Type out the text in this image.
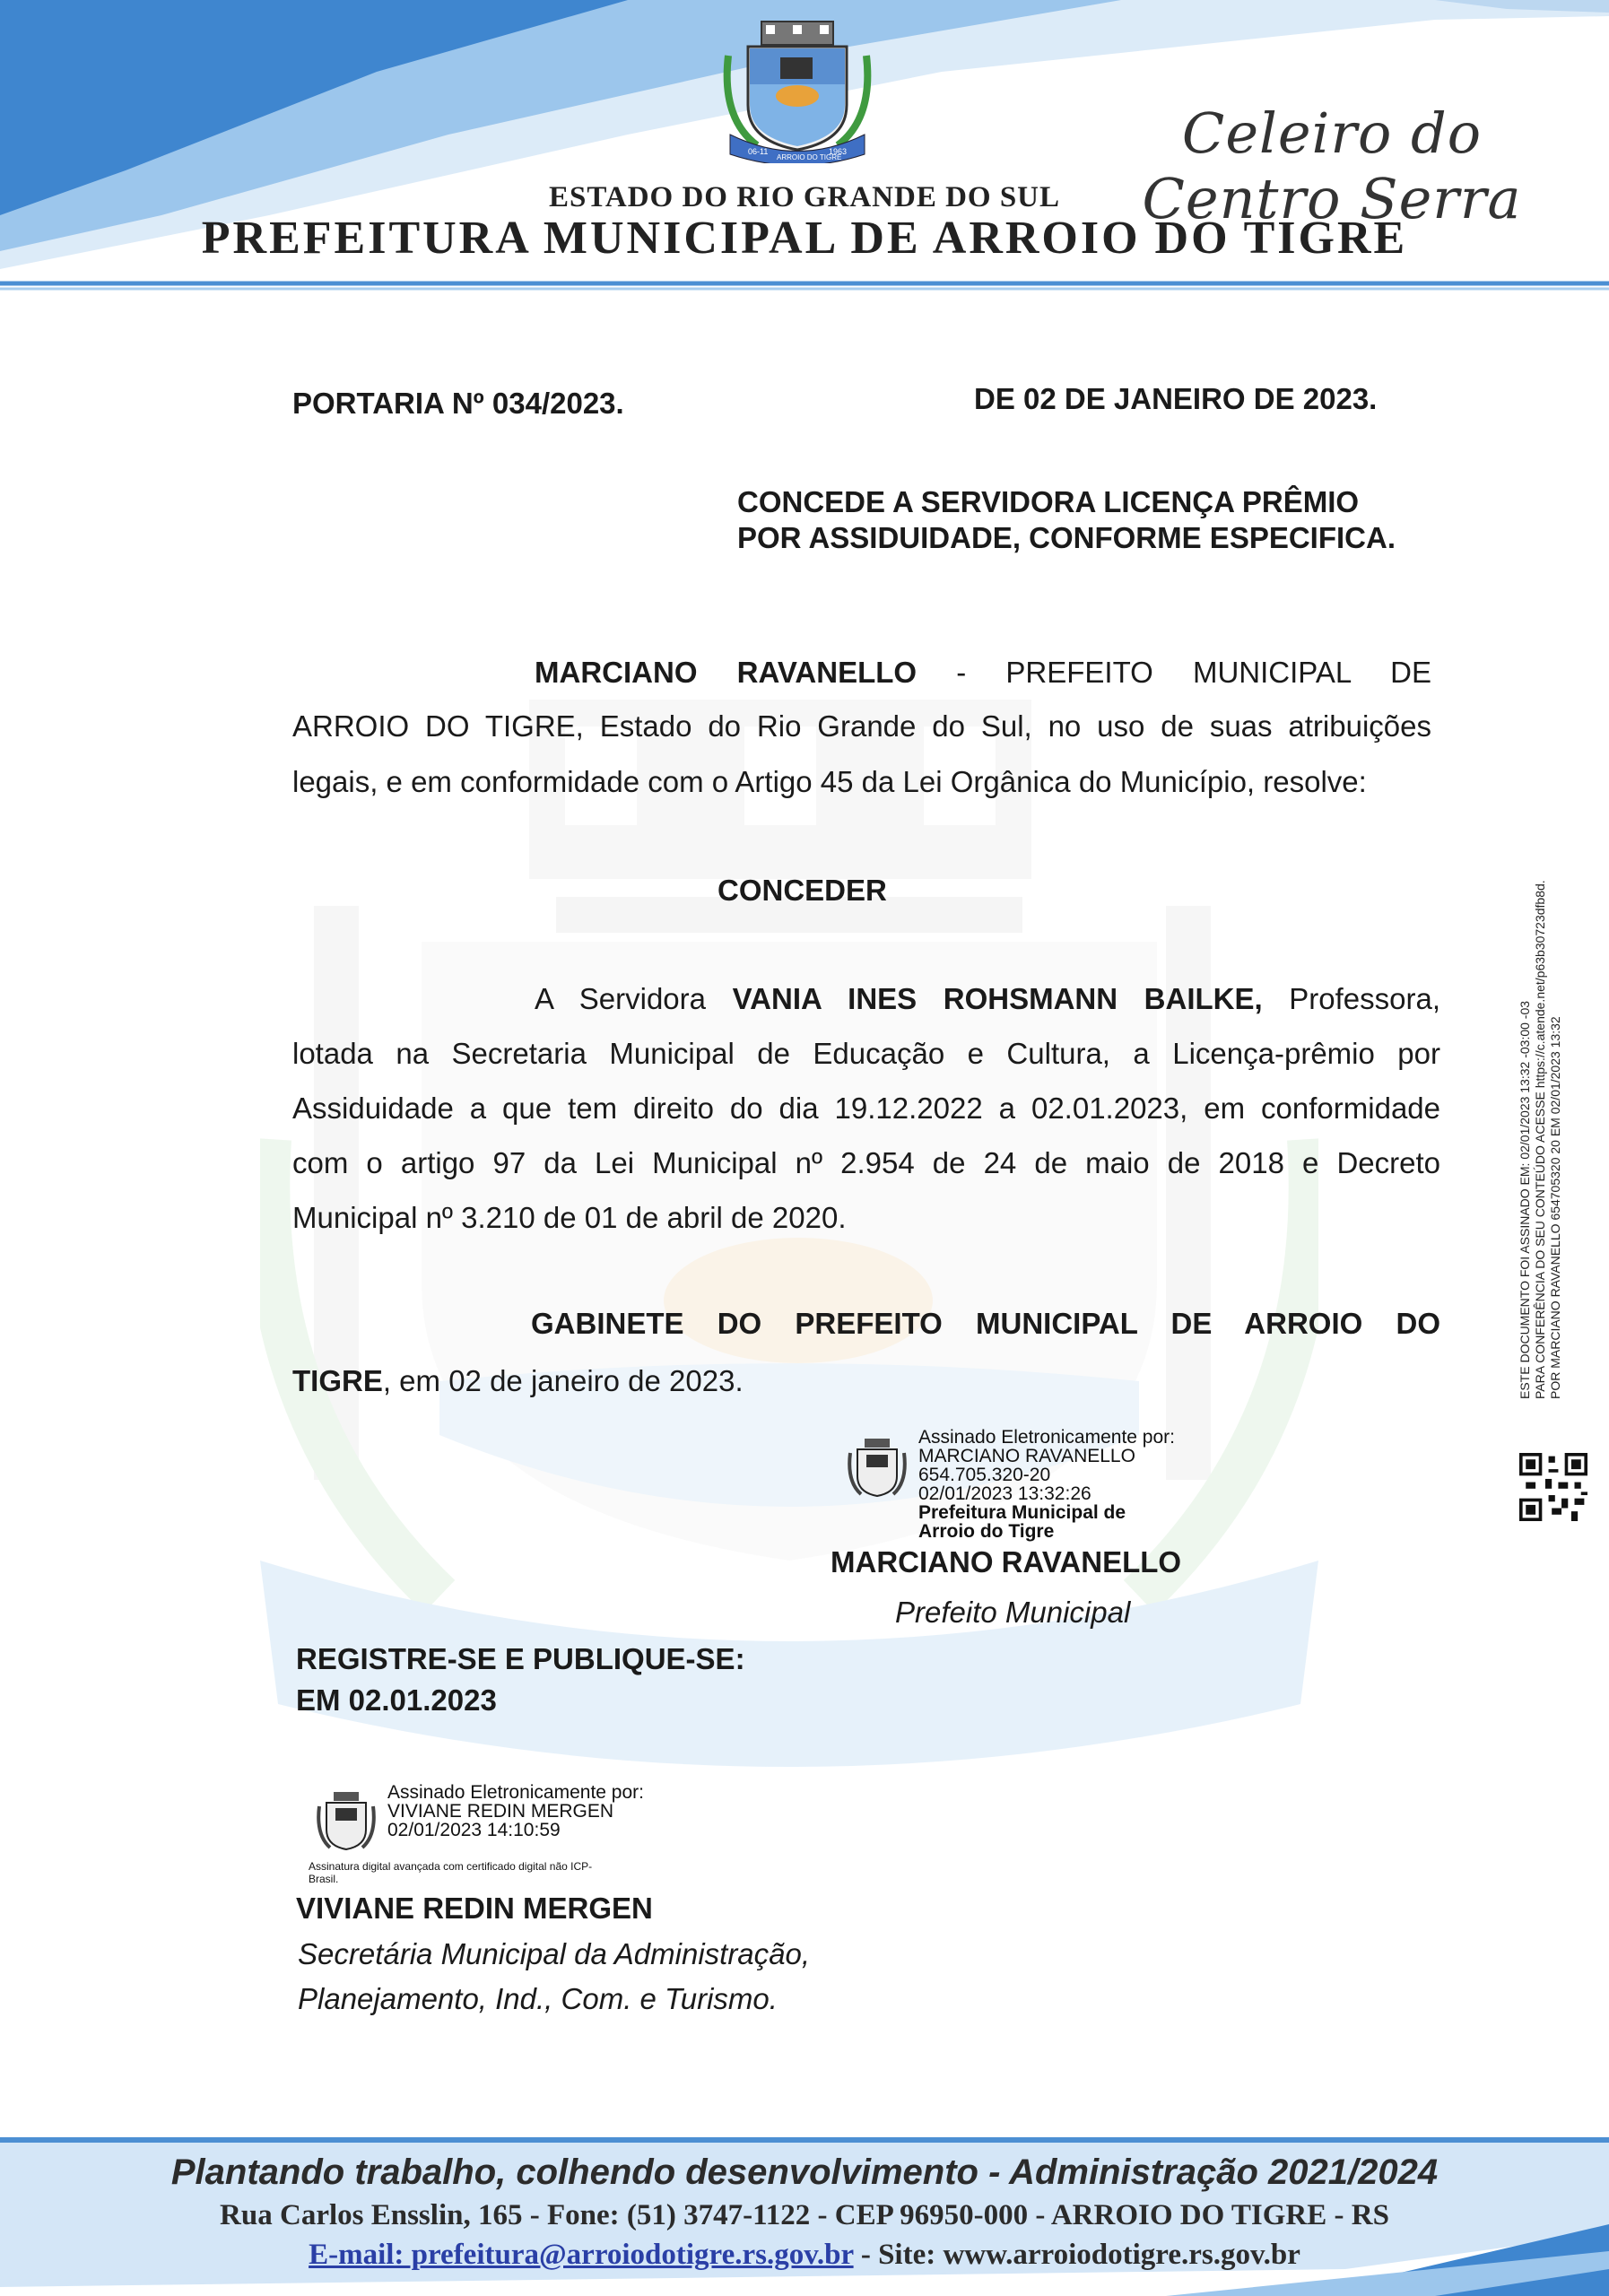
06-11
ARROIO DO TIGRE
1963	Celeiro do Centro Serra
ESTADO DO RIO GRANDE DO SUL
PREFEITURA MUNICIPAL DE ARROIO DO TIGRE
PORTARIA Nº 034/2023.	DE 02 DE JANEIRO DE 2023.
CONCEDE A SERVIDORA LICENÇA PRÊMIO
POR ASSIDUIDADE, CONFORME ESPECIFICA.
MARCIANO RAVANELLO - PREFEITO MUNICIPAL DE
ARROIO DO TIGRE, Estado do Rio Grande do Sul, no uso de suas atribuições
legais, e em conformidade com o Artigo 45 da Lei Orgânica do Município, resolve:
CONCEDER
A Servidora VANIA INES ROHSMANN BAILKE, Professora,
lotada na Secretaria Municipal de Educação e Cultura, a Licença-prêmio por
Assiduidade a que tem direito do dia 19.12.2022 a 02.01.2023, em conformidade
com o artigo 97 da Lei Municipal nº 2.954 de 24 de maio de 2018 e Decreto
Municipal nº 3.210 de 01 de abril de 2020.
GABINETE DO PREFEITO MUNICIPAL DE ARROIO DO
TIGRE, em 02 de janeiro de 2023.
Assinado Eletronicamente por:
MARCIANO RAVANELLO
654.705.320-20
02/01/2023 13:32:26
Prefeitura Municipal de
Arroio do Tigre
MARCIANO RAVANELLO
Prefeito Municipal
REGISTRE-SE E PUBLIQUE-SE:
EM 02.01.2023
Assinado Eletronicamente por:
VIVIANE REDIN MERGEN
02/01/2023 14:10:59
Assinatura digital avançada com certificado digital não ICP-
Brasil.
VIVIANE REDIN MERGEN
Secretária Municipal da Administração,
Planejamento, Ind., Com. e Turismo.
ESTE DOCUMENTO FOI ASSINADO EM: 02/01/2023 13:32 -03:00 -03 PARA CONFERÊNCIA DO SEU CONTEÚDO ACESSE https://c.atende.net/p63b30723dfb8d. POR MARCIANO RAVANELLO 654705320 20 EM 02/01/2023 13:32
Plantando trabalho, colhendo desenvolvimento - Administração 2021/2024
Rua Carlos Ensslin, 165 - Fone: (51) 3747-1122 - CEP 96950-000 - ARROIO DO TIGRE - RS
E-mail: prefeitura@arroiodotigre.rs.gov.br - Site: www.arroiodotigre.rs.gov.br
